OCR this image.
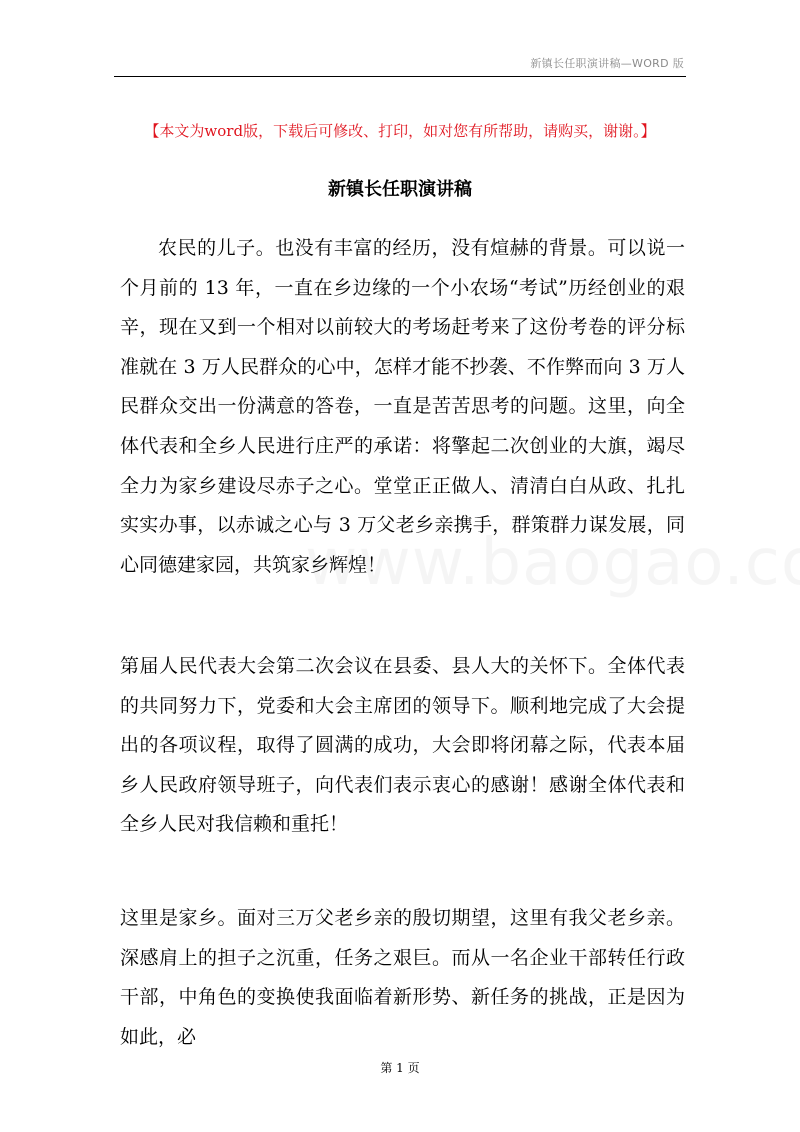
新镇长任职演讲稿—WORD 版
【本文为word版，下载后可修改、打印，如对您有所帮助，请购买，谢谢。】
新镇长任职演讲稿

农民的儿子。也没有丰富的经历，没有煊赫的背景。可以说一个月前的 13 年，一直在乡边缘的一个小农场“考试”历经创业的艰辛，现在又到一个相对以前较大的考场赶考来了这份考卷的评分标准就在 3 万人民群众的心中，怎样才能不抄袭、不作弊而向 3 万人民群众交出一份满意的答卷，一直是苦苦思考的问题。这里，向全体代表和全乡人民进行庄严的承诺：将擎起二次创业的大旗，竭尽全力为家乡建设尽赤子之心。堂堂正正做人、清清白白从政、扎扎实实办事，以赤诚之心与 3 万父老乡亲携手，群策群力谋发展，同心同德建家园，共筑家乡辉煌！

第届人民代表大会第二次会议在县委、县人大的关怀下。全体代表的共同努力下，党委和大会主席团的领导下。顺利地完成了大会提出的各项议程，取得了圆满的成功，大会即将闭幕之际，代表本届乡人民政府领导班子，向代表们表示衷心的感谢！感谢全体代表和全乡人民对我信赖和重托！

这里是家乡。面对三万父老乡亲的殷切期望，这里有我父老乡亲。深感肩上的担子之沉重，任务之艰巨。而从一名企业干部转任行政干部，中角色的变换使我面临着新形势、新任务的挑战，正是因为如此，必

第 1 页
